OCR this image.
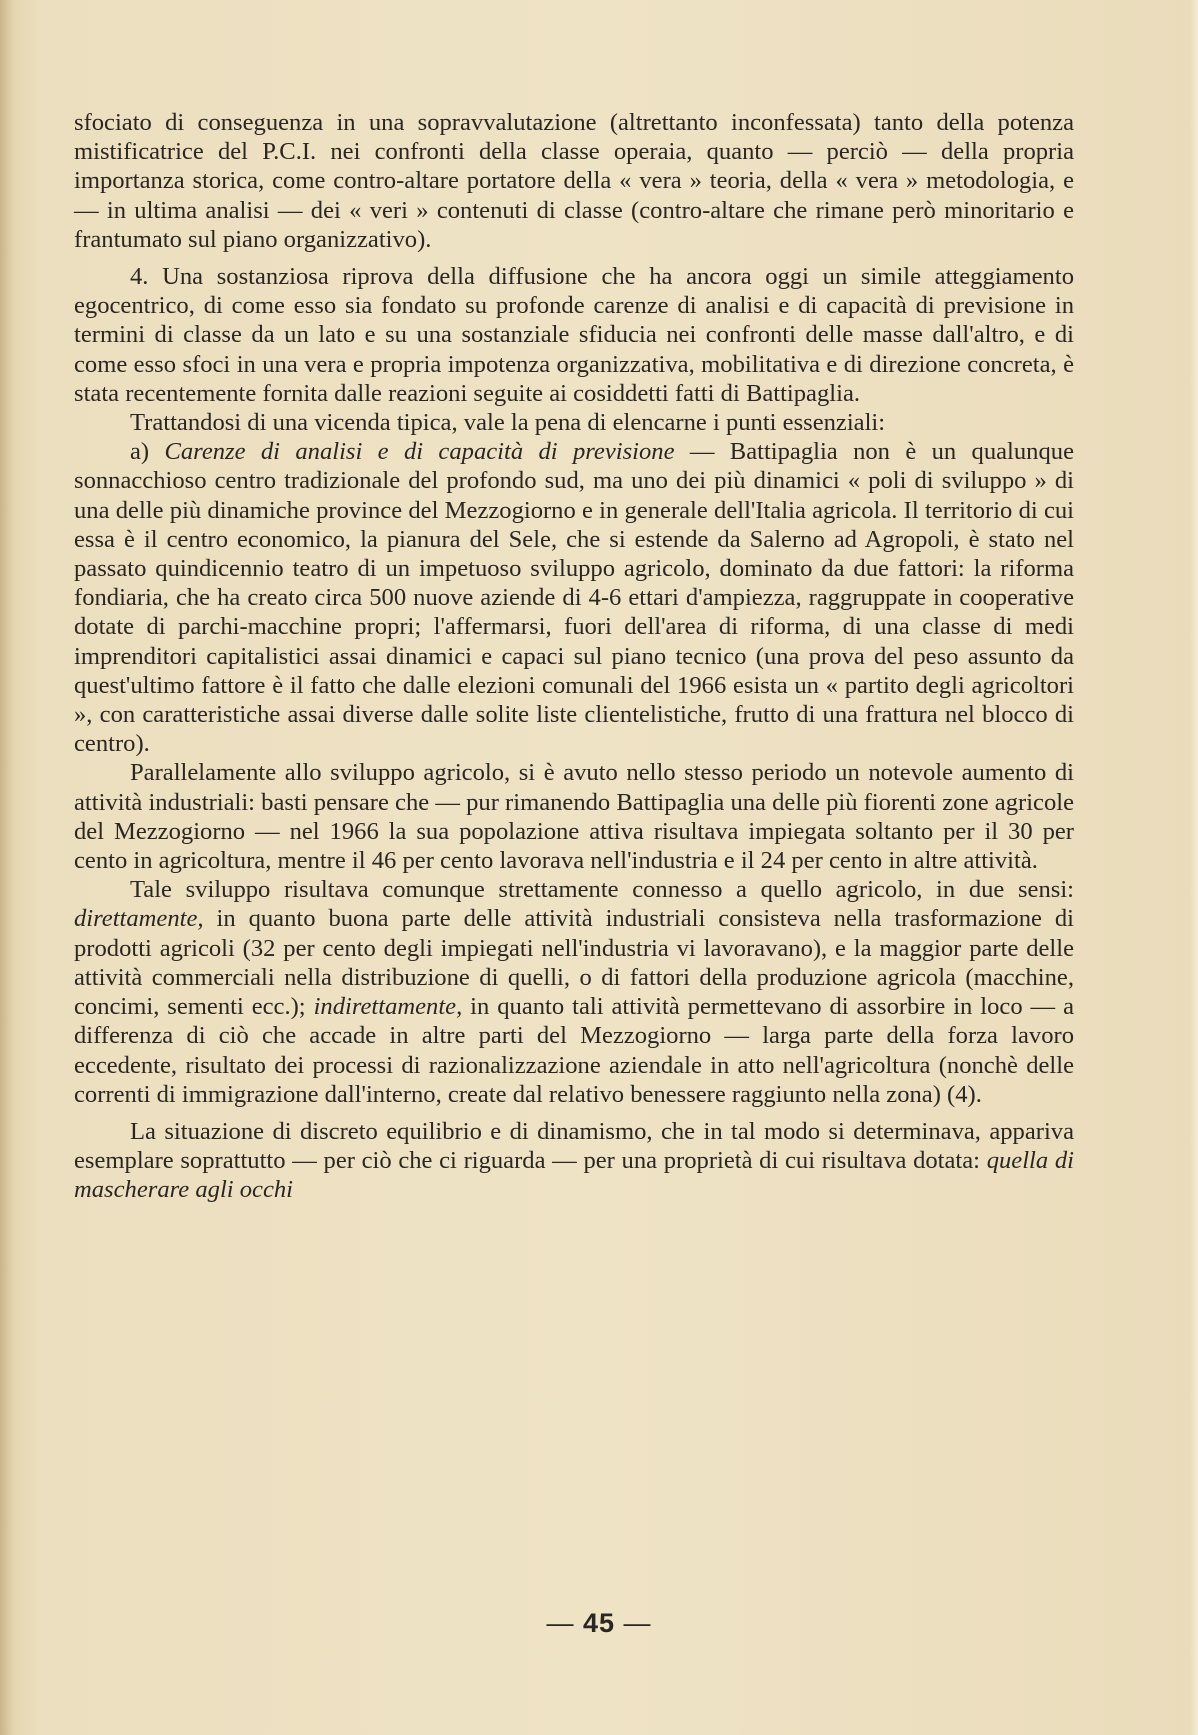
sfociato di conseguenza in una sopravvalutazione (altrettanto inconfessata) tanto della potenza mistificatrice del P.C.I. nei confronti della classe operaia, quanto — perciò — della propria importanza storica, come contro-altare portatore della « vera » teoria, della « vera » metodologia, e — in ultima analisi — dei « veri » contenuti di classe (contro-altare che rimane però minoritario e frantumato sul piano organizzativo).

4. Una sostanziosa riprova della diffusione che ha ancora oggi un simile atteggiamento egocentrico, di come esso sia fondato su profonde carenze di analisi e di capacità di previsione in termini di classe da un lato e su una sostanziale sfiducia nei confronti delle masse dall'altro, e di come esso sfoci in una vera e propria impotenza organizzativa, mobilitativa e di direzione concreta, è stata recentemente fornita dalle reazioni seguite ai cosiddetti fatti di Battipaglia.

Trattandosi di una vicenda tipica, vale la pena di elencarne i punti essenziali:

a) Carenze di analisi e di capacità di previsione — Battipaglia non è un qualunque sonnacchioso centro tradizionale del profondo sud, ma uno dei più dinamici « poli di sviluppo » di una delle più dinamiche province del Mezzogiorno e in generale dell'Italia agricola. Il territorio di cui essa è il centro economico, la pianura del Sele, che si estende da Salerno ad Agropoli, è stato nel passato quindicennio teatro di un impetuoso sviluppo agricolo, dominato da due fattori: la riforma fondiaria, che ha creato circa 500 nuove aziende di 4-6 ettari d'ampiezza, raggruppate in cooperative dotate di parchi-macchine propri; l'affermarsi, fuori dell'area di riforma, di una classe di medi imprenditori capitalistici assai dinamici e capaci sul piano tecnico (una prova del peso assunto da quest'ultimo fattore è il fatto che dalle elezioni comunali del 1966 esista un « partito degli agricoltori », con caratteristiche assai diverse dalle solite liste clientelistiche, frutto di una frattura nel blocco di centro).

Parallelamente allo sviluppo agricolo, si è avuto nello stesso periodo un notevole aumento di attività industriali: basti pensare che — pur rimanendo Battipaglia una delle più fiorenti zone agricole del Mezzogiorno — nel 1966 la sua popolazione attiva risultava impiegata soltanto per il 30 per cento in agricoltura, mentre il 46 per cento lavorava nell'industria e il 24 per cento in altre attività.

Tale sviluppo risultava comunque strettamente connesso a quello agricolo, in due sensi: direttamente, in quanto buona parte delle attività industriali consisteva nella trasformazione di prodotti agricoli (32 per cento degli impiegati nell'industria vi lavoravano), e la maggior parte delle attività commerciali nella distribuzione di quelli, o di fattori della produzione agricola (macchine, concimi, sementi ecc.); indirettamente, in quanto tali attività permettevano di assorbire in loco — a differenza di ciò che accade in altre parti del Mezzogiorno — larga parte della forza lavoro eccedente, risultato dei processi di razionalizzazione aziendale in atto nell'agricoltura (nonchè delle correnti di immigrazione dall'interno, create dal relativo benessere raggiunto nella zona) (4).

La situazione di discreto equilibrio e di dinamismo, che in tal modo si determinava, appariva esemplare soprattutto — per ciò che ci riguarda — per una proprietà di cui risultava dotata: quella di mascherare agli occhi

— 45 —
